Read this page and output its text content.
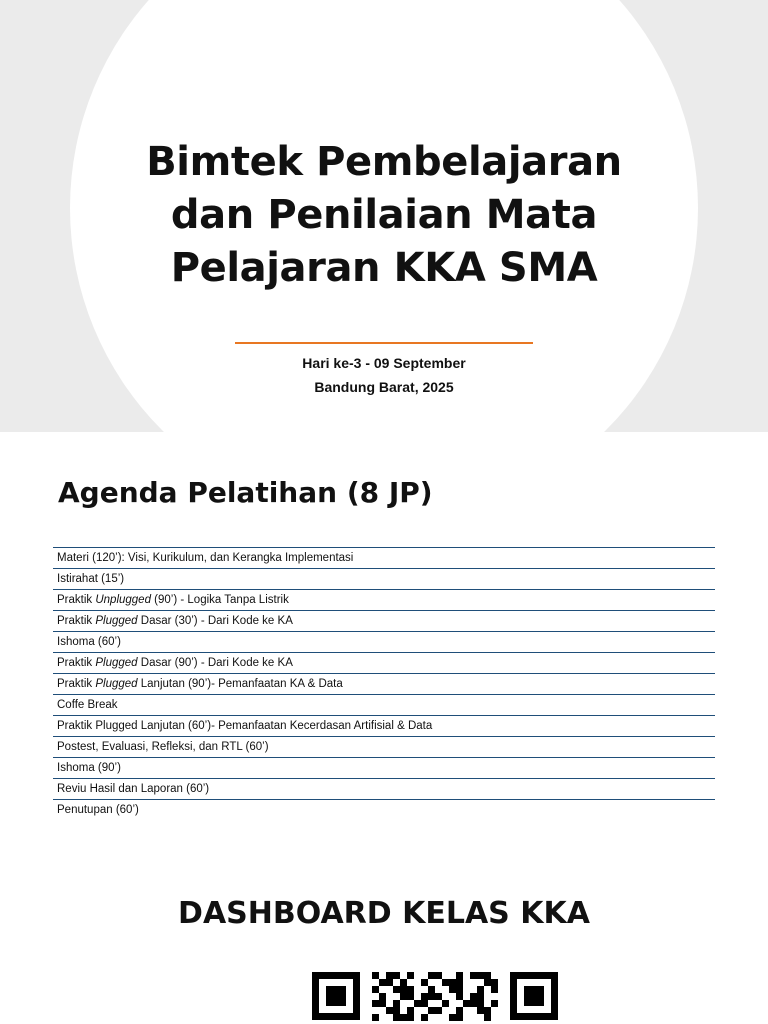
Bimtek Pembelajaran
dan Penilaian Mata
Pelajaran KKA SMA
Hari ke-3 - 09 September
Bandung Barat, 2025
Agenda Pelatihan (8 JP)
Materi (120’): Visi, Kurikulum, dan Kerangka Implementasi
Istirahat (15’)
Praktik Unplugged (90’) - Logika Tanpa Listrik
Praktik Plugged Dasar (30’) - Dari Kode ke KA
Ishoma (60’)
Praktik Plugged Dasar (90’) - Dari Kode ke KA
Praktik Plugged Lanjutan (90’)- Pemanfaatan KA & Data
Coffe Break
Praktik Plugged Lanjutan (60’)- Pemanfaatan Kecerdasan Artifisial & Data
Postest, Evaluasi, Refleksi, dan RTL (60’)
Ishoma (90’)
Reviu Hasil dan Laporan (60’)
Penutupan (60’)
DASHBOARD KELAS KKA
